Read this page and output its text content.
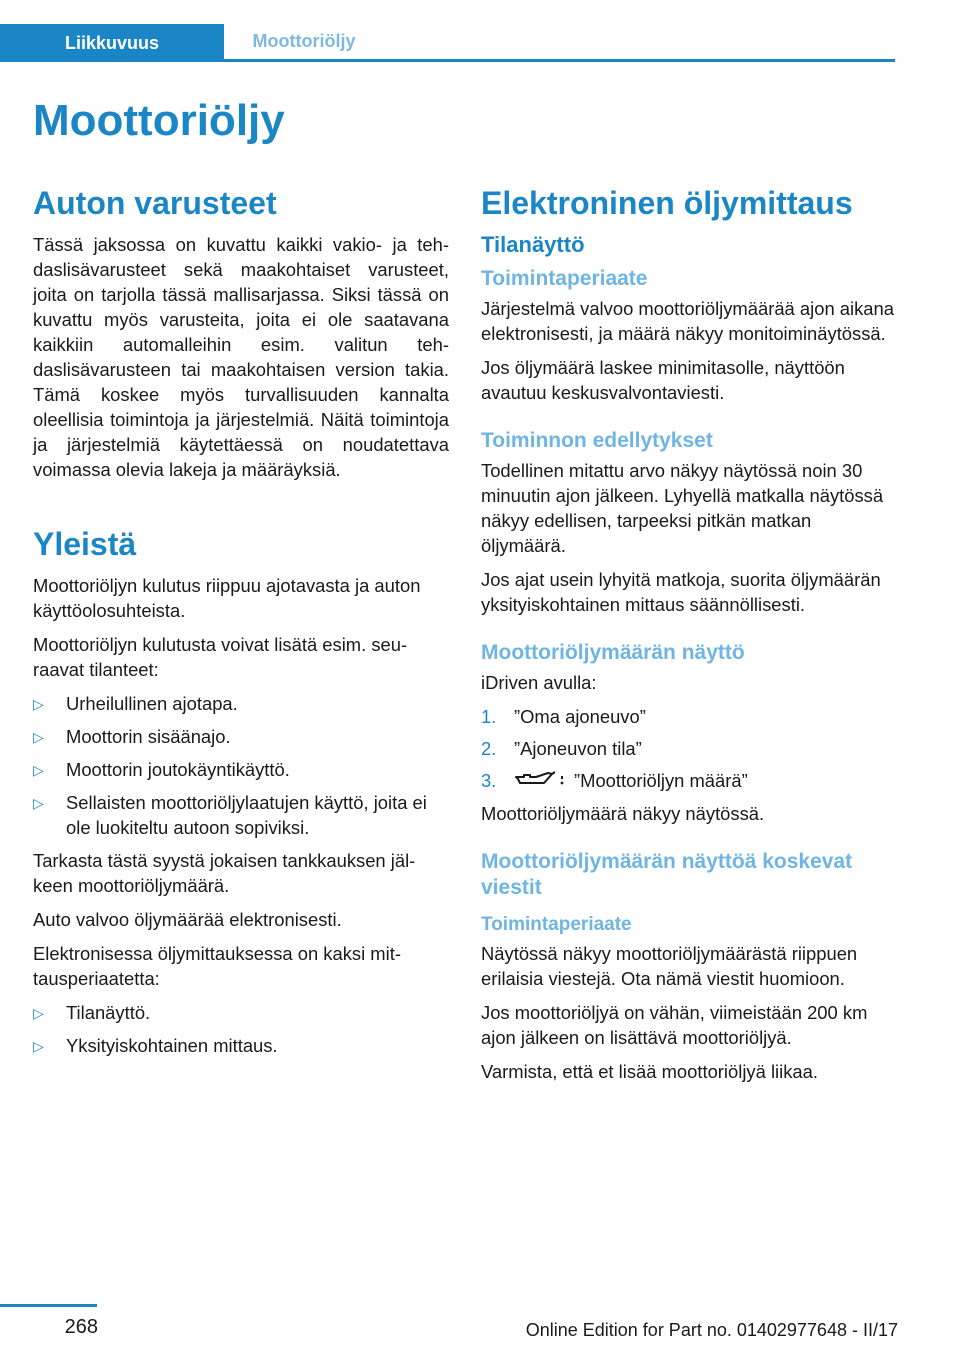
Liikkuvuus	Moottoriöljy
Moottoriöljy
Auton varusteet

Tässä jaksossa on kuvattu kaikki vakio- ja tehdaslisävarusteet sekä maakohtaiset varusteet, joita on tarjolla tässä mallisarjassa. Siksi tässä on kuvattu myös varusteita, joita ei ole saatavana kaikkiin automalleihin esim. valitun tehdaslisävarusteen tai maakohtaisen version takia. Tämä koskee myös turvallisuuden kannalta oleellisia toimintoja ja järjestelmiä. Näitä toimintoja ja järjestelmiä käytettäessä on noudatettava voimassa olevia lakeja ja määräyksiä.

Yleistä

Moottoriöljyn kulutus riippuu ajotavasta ja auton käyttöolosuhteista.

Moottoriöljyn kulutusta voivat lisätä esim. seuraavat tilanteet:

▷	Urheilullinen ajotapa.
▷	Moottorin sisäänajo.
▷	Moottorin joutokäyntikäyttö.
▷	Sellaisten moottoriöljylaatujen käyttö, joita ei ole luokiteltu autoon sopiviksi.

Tarkasta tästä syystä jokaisen tankkauksen jälkeen moottoriöljymäärä.

Auto valvoo öljymäärää elektronisesti.

Elektronisessa öljymittauksessa on kaksi mittausperiaatetta:

▷	Tilanäyttö.
▷	Yksityiskohtainen mittaus.
Elektroninen öljymittaus
Tilanäyttö
Toimintaperiaate

Järjestelmä valvoo moottoriöljymäärää ajon aikana elektronisesti, ja määrä näkyy monitoiminäytössä.

Jos öljymäärä laskee minimitasolle, näyttöön avautuu keskusvalvontaviesti.

Toiminnon edellytykset

Todellinen mitattu arvo näkyy näytössä noin 30 minuutin ajon jälkeen. Lyhyellä matkalla näytössä näkyy edellisen, tarpeeksi pitkän matkan öljymäärä.

Jos ajat usein lyhyitä matkoja, suorita öljymäärän yksityiskohtainen mittaus säännöllisesti.

Moottoriöljymäärän näyttö

iDriven avulla:

1. ”Oma ajoneuvo”
2. ”Ajoneuvon tila”
3.	”Moottoriöljyn määrä”

Moottoriöljymäärä näkyy näytössä.

Moottoriöljymäärän näyttöä koskevat viestit
Toimintaperiaate

Näytössä näkyy moottoriöljymäärästä riippuen erilaisia viestejä. Ota nämä viestit huomioon.

Jos moottoriöljyä on vähän, viimeistään 200 km ajon jälkeen on lisättävä moottoriöljyä.

Varmista, että et lisää moottoriöljyä liikaa.

268	Online Edition for Part no. 01402977648 - II/17
